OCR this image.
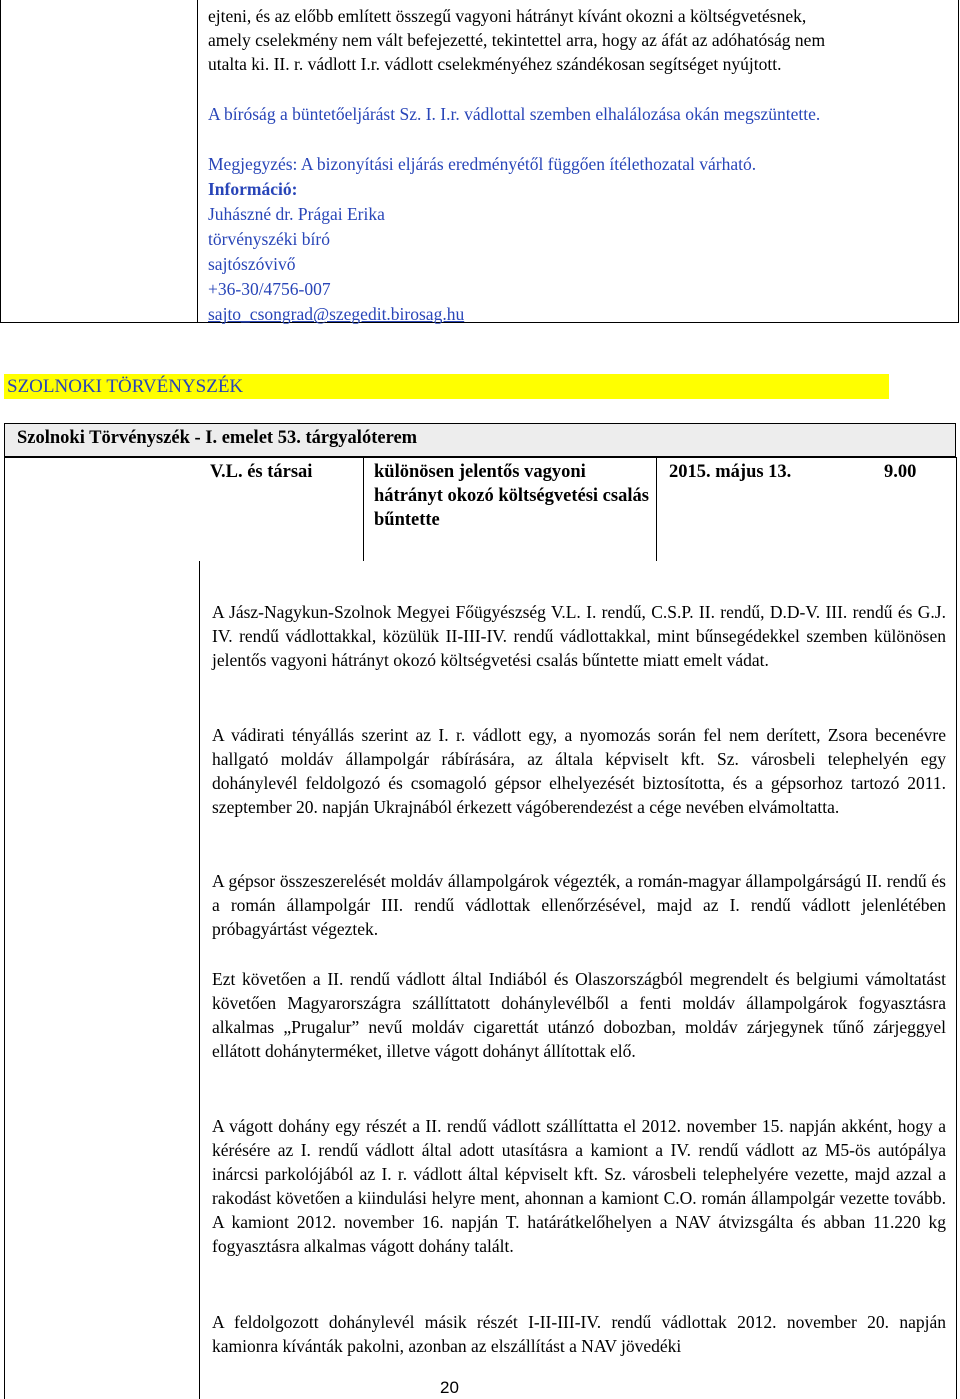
ejteni, és az előbb említett összegű vagyoni hátrányt kívánt okozni a költségvetésnek,
amely cselekmény nem vált befejezetté, tekintettel arra, hogy az áfát az adóhatóság nem
utalta ki. II. r. vádlott I.r. vádlott cselekményéhez szándékosan segítséget nyújtott.
A bíróság a büntetőeljárást Sz. I. I.r. vádlottal szemben elhalálozása okán megszüntette.
Megjegyzés: A bizonyítási eljárás eredményétől függően ítélethozatal várható.
Információ:
Juhászné dr. Prágai Erika
törvényszéki bíró
sajtószóvivő
+36-30/4756-007
sajto_csongrad@szegedit.birosag.hu
SZOLNOKI TÖRVÉNYSZÉK
Szolnoki Törvényszék - I. emelet 53. tárgyalóterem
V.L. és társai	különösen jelentős vagyoni hátrányt okozó költségvetési csalás bűntette
2015. május 13.	9.00
A Jász-Nagykun-Szolnok Megyei Főügyészség V.L. I. rendű, C.S.P. II. rendű, D.D-V. III. rendű és G.J. IV. rendű vádlottakkal, közülük II-III-IV. rendű vádlottakkal, mint bűnsegédekkel szemben különösen jelentős vagyoni hátrányt okozó költségvetési csalás bűntette miatt emelt vádat.
A vádirati tényállás szerint az I. r. vádlott egy, a nyomozás során fel nem derített, Zsora becenévre hallgató moldáv állampolgár rábírására, az általa képviselt kft. Sz. városbeli telephelyén egy dohánylevél feldolgozó és csomagoló gépsor elhelyezését biztosította, és a gépsorhoz tartozó 2011. szeptember 20. napján Ukrajnából érkezett vágóberendezést a cége nevében elvámoltatta.
A gépsor összeszerelését moldáv állampolgárok végezték, a román-magyar állampolgárságú II. rendű és a román állampolgár III. rendű vádlottak ellenőrzésével, majd az I. rendű vádlott jelenlétében próbagyártást végeztek.
Ezt követően a II. rendű vádlott által Indiából és Olaszországból megrendelt és belgiumi vámoltatást követően Magyarországra szállíttatott dohánylevélből a fenti moldáv állampolgárok fogyasztásra alkalmas „Prugalur” nevű moldáv cigarettát utánzó dobozban, moldáv zárjegynek tűnő zárjeggyel ellátott dohányterméket, illetve vágott dohányt állítottak elő.
A vágott dohány egy részét a II. rendű vádlott szállíttatta el 2012. november 15. napján akként, hogy a kérésére az I. rendű vádlott által adott utasításra a kamiont a IV. rendű vádlott az M5-ös autópálya inárcsi parkolójából az I. r. vádlott által képviselt kft. Sz. városbeli telephelyére vezette, majd azzal a rakodást követően a kiindulási helyre ment, ahonnan a kamiont C.O. román állampolgár vezette tovább. A kamiont 2012. november 16. napján T. határátkelőhelyen a NAV átvizsgálta és abban 11.220 kg fogyasztásra alkalmas vágott dohány talált.
A feldolgozott dohánylevél másik részét I-II-III-IV. rendű vádlottak 2012. november 20. napján kamionra kívánták pakolni, azonban az elszállítást a NAV jövedéki
20
